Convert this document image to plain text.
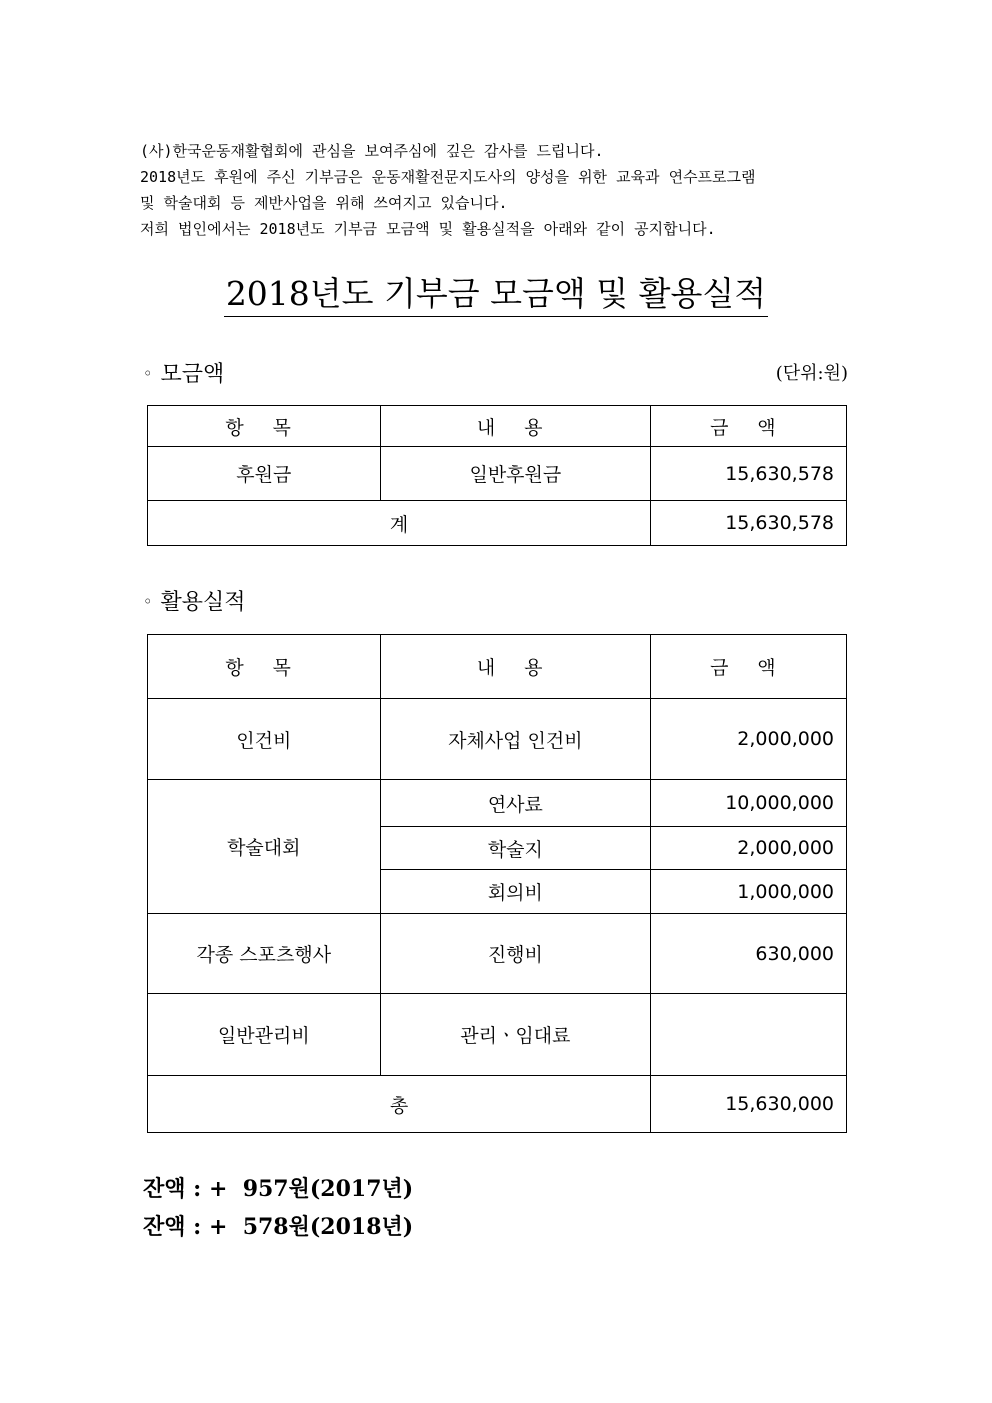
(사)한국운동재활협회에 관심을 보여주심에 깊은 감사를 드립니다.

2018년도 후원에 주신 기부금은 운동재활전문지도사의 양성을 위한 교육과 연수프로그램

및 학술대회 등 제반사업을 위해 쓰여지고 있습니다.

저희 법인에서는 2018년도 기부금 모금액 및 활용실적을 아래와 같이 공지합니다.

2018년도 기부금 모금액 및 활용실적
◦ 모금액	(단위:원)
항 목	내 용	금 액
후원금	일반후원금	15,630,578
계		15,630,578
◦ 활용실적
항 목	내 용	금 액
인건비	자체사업 인건비	2,000,000
학술대회	연사료	10,000,000
	학술지	2,000,000
	회의비	1,000,000
각종 스포츠행사	진행비	630,000
일반관리비	관리ㆍ임대료	
총		15,630,000
잔액 : +  957원(2017년)
잔액 : +  578원(2018년)
